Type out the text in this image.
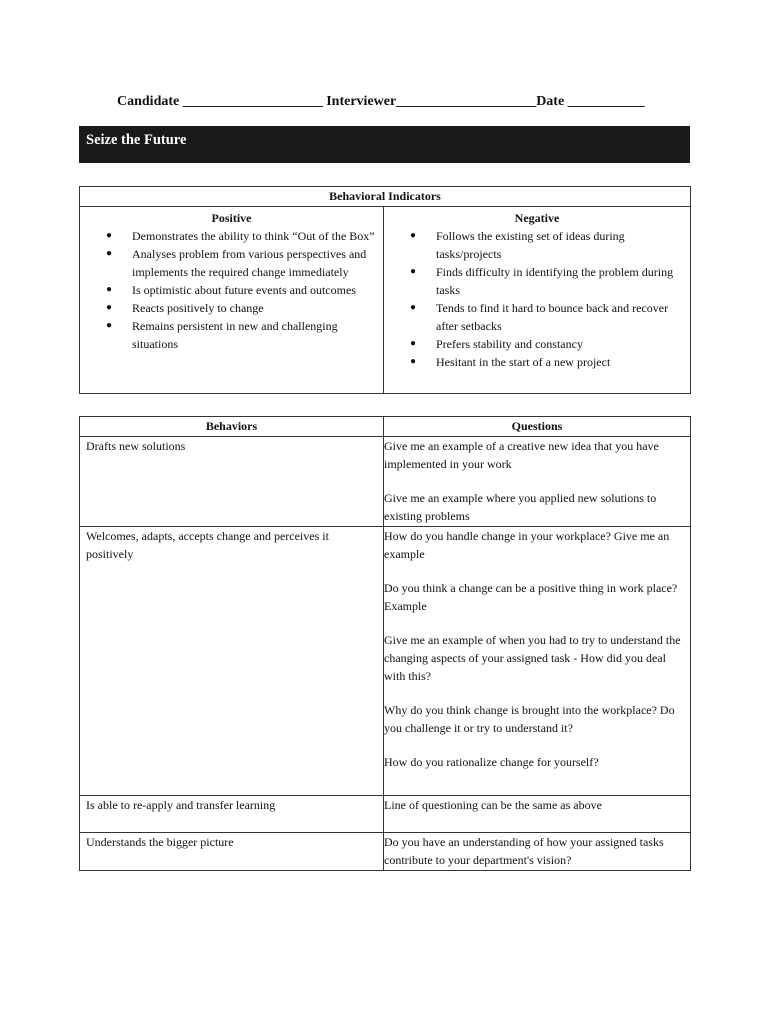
Candidate ____________________ Interviewer____________________Date ___________
Seize the Future
Behavioral Indicators

Positive
● Demonstrates the ability to think “Out of the Box”
● Analyses problem from various perspectives and implements the required change immediately
● Is optimistic about future events and outcomes
● Reacts positively to change
● Remains persistent in new and challenging situations

Negative
● Follows the existing set of ideas during tasks/projects
● Finds difficulty in identifying the problem during tasks
● Tends to find it hard to bounce back and recover after setbacks
● Prefers stability and constancy
● Hesitant in the start of a new project
Behaviors	Questions
Drafts new solutions	Give me an example of a creative new idea that you have implemented in your work

Give me an example where you applied new solutions to existing problems

Welcomes, adapts, accepts change and perceives it positively	How do you handle change in your workplace? Give me an example

Do you think a change can be a positive thing in work place? Example

Give me an example of when you had to try to understand the changing aspects of your assigned task - How did you deal with this?

Why do you think change is brought into the workplace? Do you challenge it or try to understand it?

How do you rationalize change for yourself?

Is able to re-apply and transfer learning	Line of questioning can be the same as above

Understands the bigger picture	Do you have an understanding of how your assigned tasks contribute to your department's vision?
